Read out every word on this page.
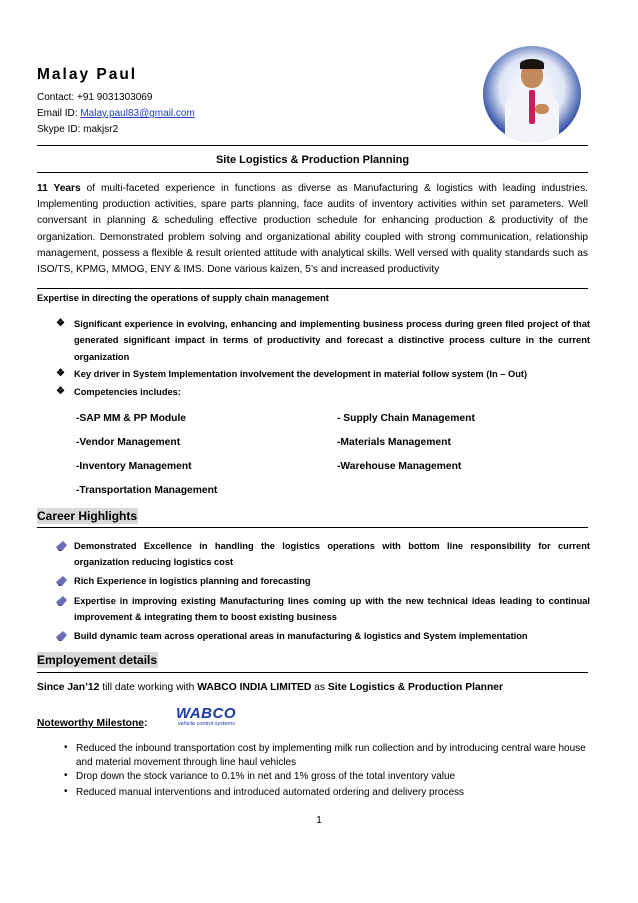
Malay Paul
Contact: +91 9031303069
Email ID: Malay.paul83@gmail.com
Skype ID: makjsr2
Site Logistics & Production Planning
11 Years of multi-faceted experience in functions as diverse as Manufacturing & logistics with leading industries. Implementing production activities, spare parts planning, face audits of inventory activities within set parameters. Well conversant in planning & scheduling effective production schedule for enhancing production & productivity of the organization. Demonstrated problem solving and organizational ability coupled with strong communication, relationship management, possess a flexible & result oriented attitude with analytical skills. Well versed with quality standards such as ISO/TS, KPMG, MMOG, ENY & IMS. Done various kaizen, 5’s and increased productivity
Expertise in directing the operations of supply chain management
❖ Significant experience in evolving, enhancing and implementing business process during green filed project of that generated significant impact in terms of productivity and forecast a distinctive process culture in the current organization
❖ Key driver in System Implementation involvement the development in material follow system (In – Out)
❖ Competencies includes:
-SAP MM & PP Module
-Vendor Management
-Inventory Management
-Transportation Management
- Supply Chain Management
-Materials Management
-Warehouse Management
Career Highlights
Demonstrated Excellence in handling the logistics operations with bottom line responsibility for current organization reducing logistics cost
Rich Experience in logistics planning and forecasting
Expertise in improving existing Manufacturing lines coming up with the new technical ideas leading to continual improvement & integrating them to boost existing business
Build dynamic team across operational areas in manufacturing & logistics and System implementation
Employement details
Since Jan’12 till date working with WABCO INDIA LIMITED as Site Logistics & Production Planner
Noteworthy Milestone:
WABCO
vehicle control systems
• Reduced the inbound transportation cost by implementing milk run collection and by introducing central ware house and material movement through line haul vehicles
• Drop down the stock variance to 0.1% in net and 1% gross of the total inventory value
• Reduced manual interventions and introduced automated ordering and delivery process
1
